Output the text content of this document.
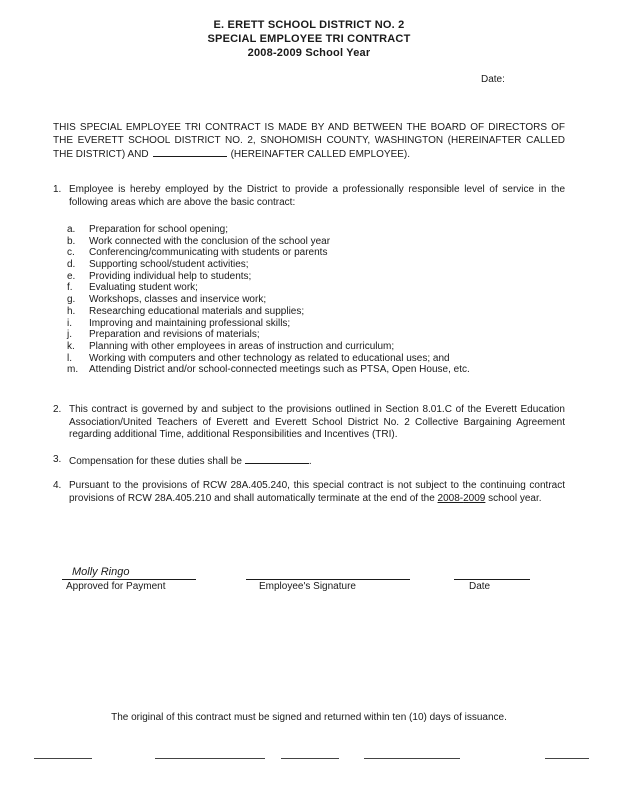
E. ERETT SCHOOL DISTRICT NO. 2
SPECIAL EMPLOYEE TRI CONTRACT
2008-2009 School Year
Date:
THIS SPECIAL EMPLOYEE TRI CONTRACT IS MADE BY AND BETWEEN THE BOARD OF DIRECTORS OF THE EVERETT SCHOOL DISTRICT NO. 2, SNOHOMISH COUNTY, WASHINGTON (HEREINAFTER CALLED THE DISTRICT) AND	(HEREINAFTER CALLED EMPLOYEE).
1. Employee is hereby employed by the District to provide a professionally responsible level of service in the following areas which are above the basic contract:
a. Preparation for school opening;
b. Work connected with the conclusion of the school year
c. Conferencing/communicating with students or parents
d. Supporting school/student activities;
e. Providing individual help to students;
f. Evaluating student work;
g. Workshops, classes and inservice work;
h. Researching educational materials and supplies;
i. Improving and maintaining professional skills;
j. Preparation and revisions of materials;
k. Planning with other employees in areas of instruction and curriculum;
l. Working with computers and other technology as related to educational uses; and
m. Attending District and/or school-connected meetings such as PTSA, Open House, etc.
2. This contract is governed by and subject to the provisions outlined in Section 8.01.C of the Everett Education Association/United Teachers of Everett and Everett School District No. 2 Collective Bargaining Agreement regarding additional Time, additional Responsibilities and Incentives (TRI).
3. Compensation for these duties shall be	.
4. Pursuant to the provisions of RCW 28A.405.240, this special contract is not subject to the continuing contract provisions of RCW 28A.405.210 and shall automatically terminate at the end of the 2008-2009 school year.
Molly Ringo
Approved for Payment	Employee's Signature	Date
The original of this contract must be signed and returned within ten (10) days of issuance.
